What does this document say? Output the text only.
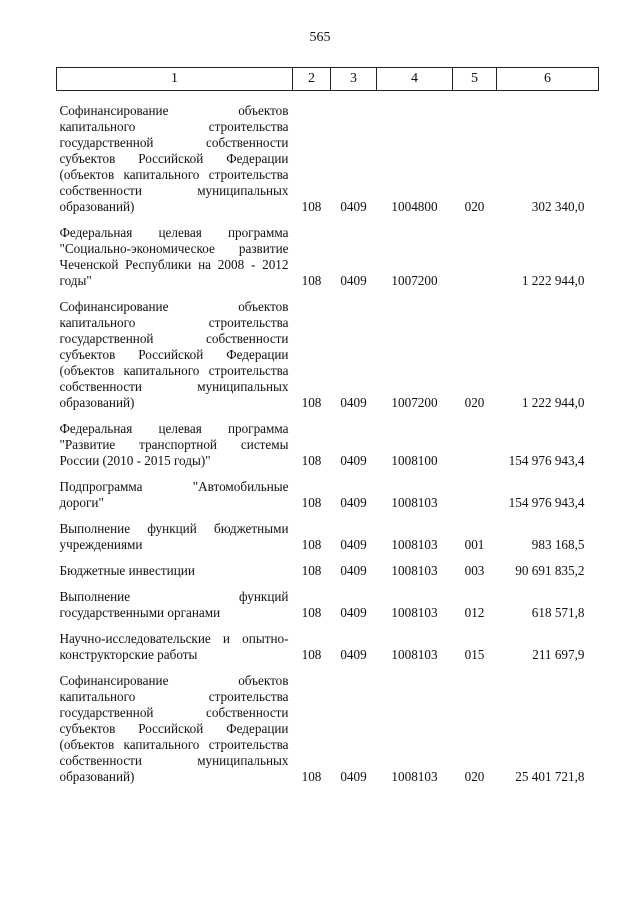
565
1	2	3	4	5	6

Софинансирование объектов капитального строительства государственной собственности субъектов Российской Федерации (объектов капитального строительства собственности муниципальных образований)	108	0409	1004800	020	302 340,0

Федеральная целевая программа "Социально-экономическое развитие Чеченской Республики на 2008 - 2012 годы"	108	0409	1007200		1 222 944,0

Софинансирование объектов капитального строительства государственной собственности субъектов Российской Федерации (объектов капитального строительства собственности муниципальных образований)	108	0409	1007200	020	1 222 944,0

Федеральная целевая программа "Развитие транспортной системы России (2010 - 2015 годы)"	108	0409	1008100		154 976 943,4

Подпрограмма "Автомобильные дороги"	108	0409	1008103		154 976 943,4

Выполнение функций бюджетными учреждениями	108	0409	1008103	001	983 168,5

Бюджетные инвестиции	108	0409	1008103	003	90 691 835,2

Выполнение функций государственными органами	108	0409	1008103	012	618 571,8

Научно-исследовательские и опытно-конструкторские работы	108	0409	1008103	015	211 697,9

Софинансирование объектов капитального строительства государственной собственности субъектов Российской Федерации (объектов капитального строительства собственности муниципальных образований)	108	0409	1008103	020	25 401 721,8
